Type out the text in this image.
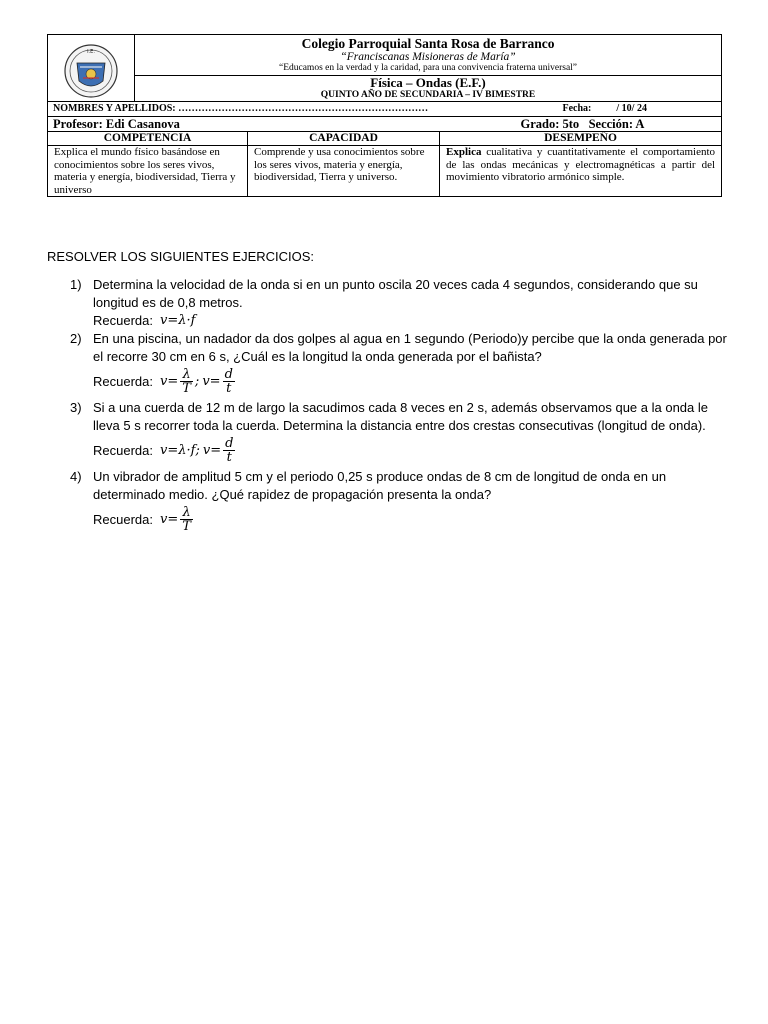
I.E.	Colegio Parroquial Santa Rosa de Barranco
“Franciscanas Misioneras de María”
“Educamos en la verdad y la caridad, para una convivencia fraterna universal”		

	Física – Ondas (E.F.)
QUINTO AÑO DE SECUNDARIA – IV BIMESTRE		

NOMBRES Y APELLIDOS: ………………………………………………………………… Fecha: / 10/ 24			

Profesor: Edi Casanova Grado: 5to Sección: A			

COMPETENCIA		CAPACIDAD	DESEMPEÑO
Explica el mundo físico basándose en conocimientos sobre los seres vivos, materia y energía, biodiversidad, Tierra y universo		Comprende y usa conocimientos sobre los seres vivos, materia y energía, biodiversidad, Tierra y universo.	Explica cualitativa y cuantitativamente el comportamiento de las ondas mecánicas y electromagnéticas a partir del movimiento vibratorio armónico simple.

RESOLVER LOS SIGUIENTES EJERCICIOS:

1) Determina la velocidad de la onda si en un punto oscila 20 veces cada 4 segundos, considerando que su longitud es de 0,8 metros.
Recuerda: v = λ · f
2) En una piscina, un nadador da dos golpes al agua en 1 segundo (Periodo)y percibe que la onda generada por el recorre 30 cm en 6 s, ¿Cuál es la longitud la onda generada por el bañista?
Recuerda: $v = \frac{\lambda}{T}$ ; $v = \frac{d}{t}$
3) Si a una cuerda de 12 m de largo la sacudimos cada 8 veces en 2 s, además observamos que a la onda le lleva 5 s recorrer toda la cuerda. Determina la distancia entre dos crestas consecutivas (longitud de onda).
Recuerda: v = λ · f ; $v = \frac{d}{t}$
4) Un vibrador de amplitud 5 cm y el periodo 0,25 s produce ondas de 8 cm de longitud de onda en un determinado medio. ¿Qué rapidez de propagación presenta la onda?
Recuerda: $v = \frac{\lambda}{T}$
